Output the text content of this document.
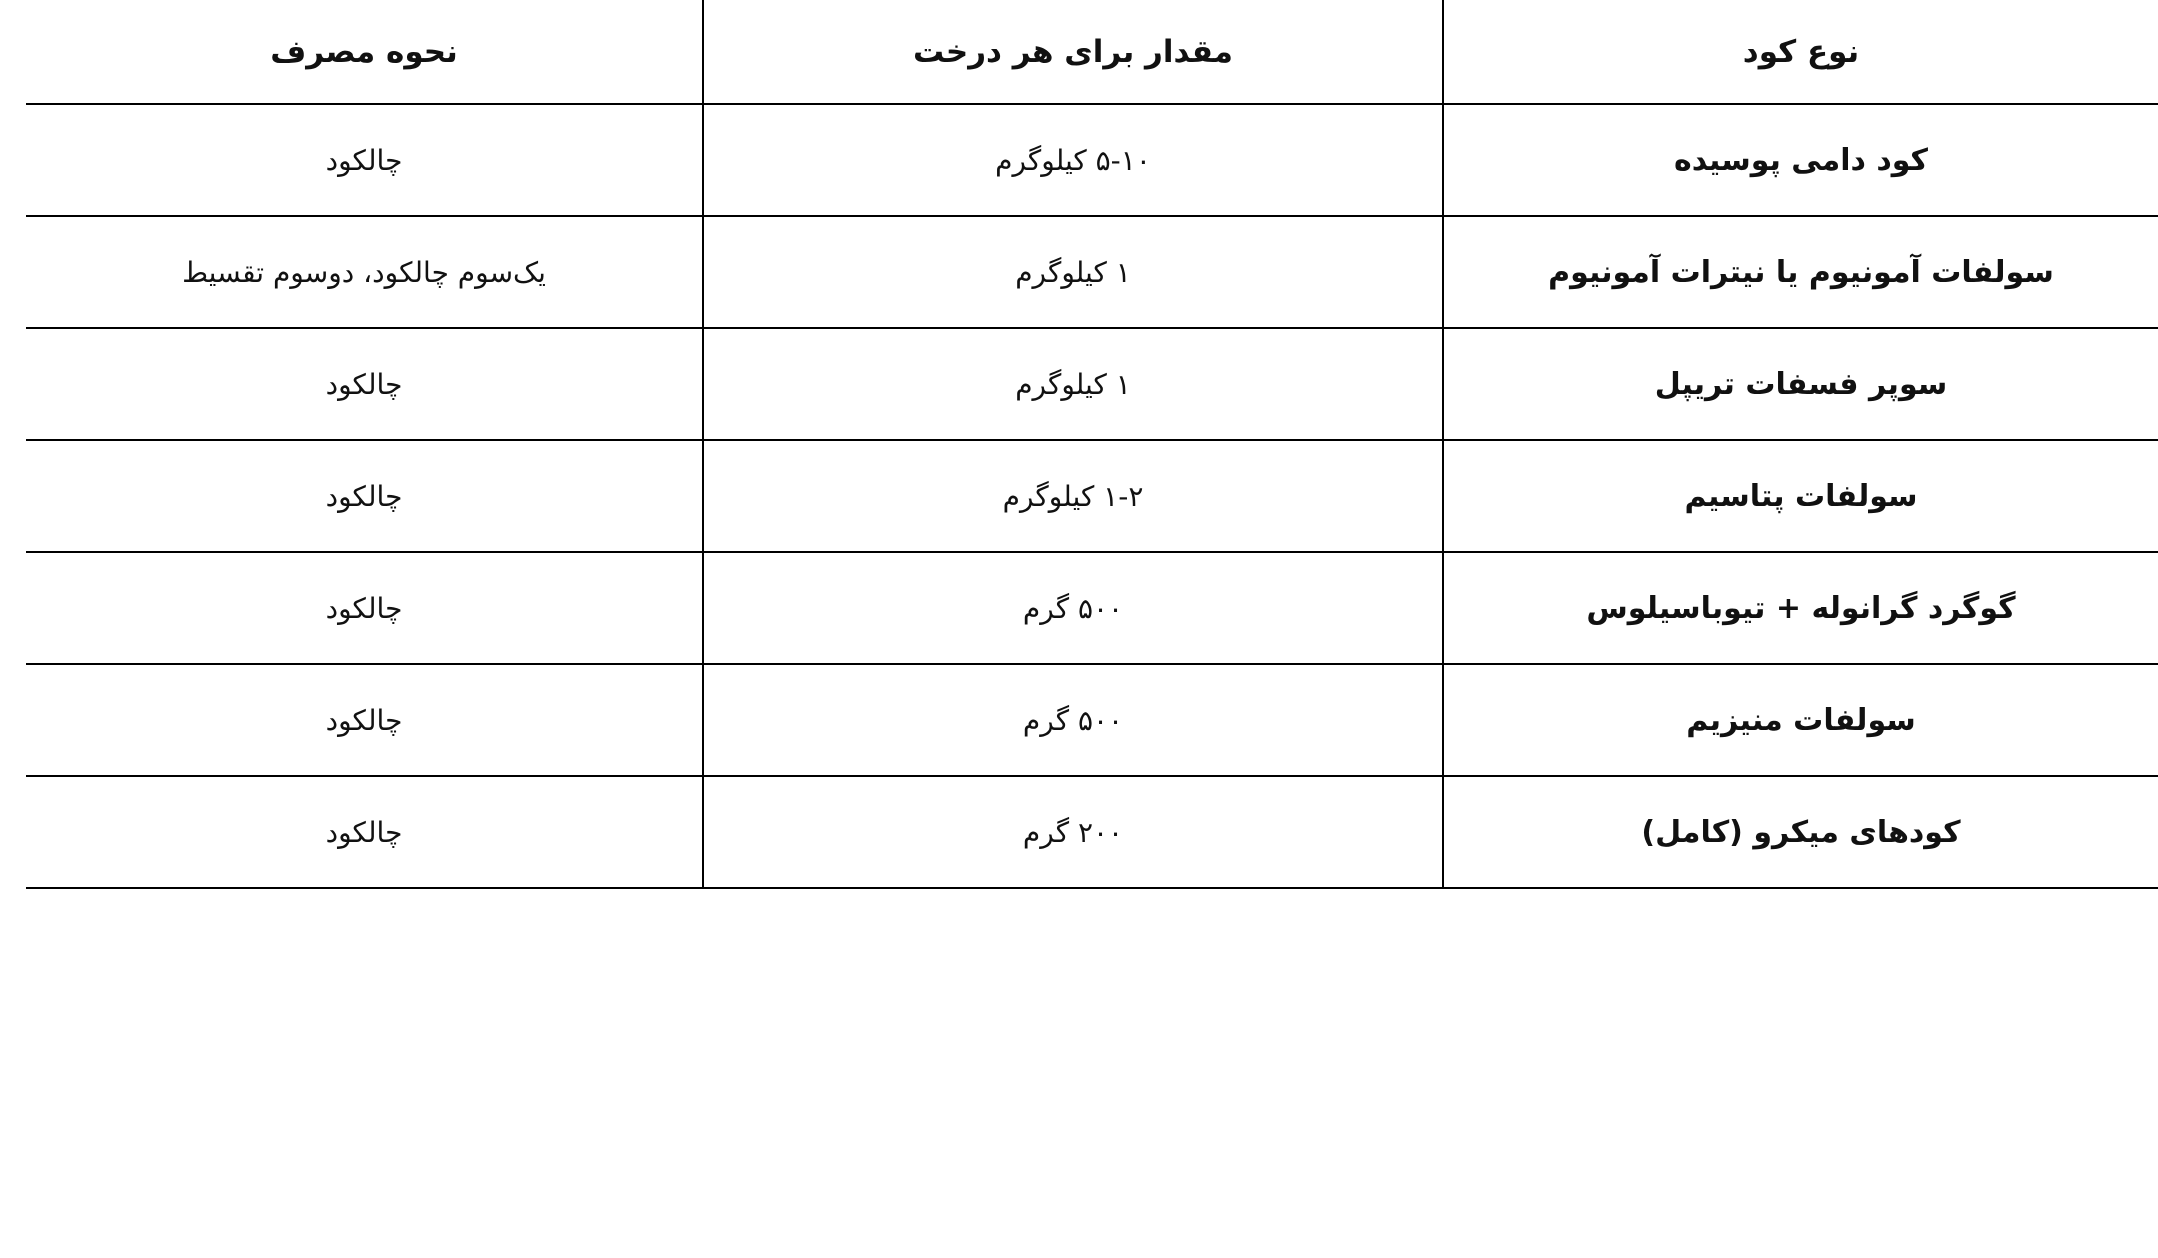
نوع کود	مقدار برای هر درخت	نحوه مصرف
کود دامی پوسیده	۵-۱۰ کیلوگرم	چالکود
سولفات آمونیوم یا نیترات آمونیوم	۱ کیلوگرم	یک‌سوم چالکود، دوسوم تقسیط
سوپر فسفات تریپل	۱ کیلوگرم	چالکود
سولفات پتاسیم	۱-۲ کیلوگرم	چالکود
گوگرد گرانوله + تیوباسیلوس	۵۰۰ گرم	چالکود
سولفات منیزیم	۵۰۰ گرم	چالکود
کودهای میکرو (کامل)	۲۰۰ گرم	چالکود
